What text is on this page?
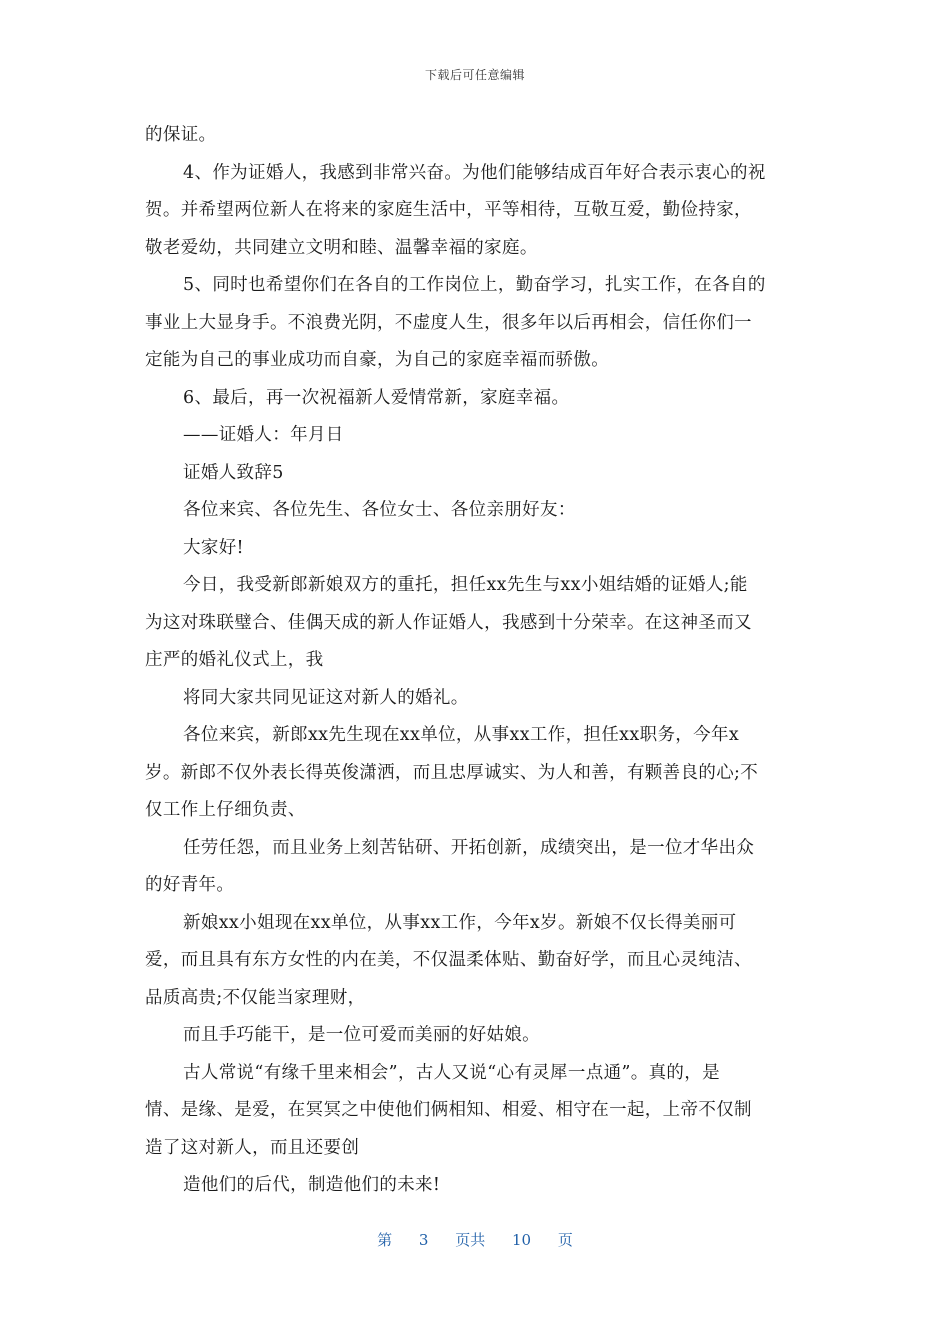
下载后可任意编辑
的保证。
4、作为证婚人，我感到非常兴奋。为他们能够结成百年好合表示衷心的祝
贺。并希望两位新人在将来的家庭生活中，平等相待，互敬互爱，勤俭持家，
敬老爱幼，共同建立文明和睦、温馨幸福的家庭。
5、同时也希望你们在各自的工作岗位上，勤奋学习，扎实工作，在各自的
事业上大显身手。不浪费光阴，不虚度人生，很多年以后再相会，信任你们一
定能为自己的事业成功而自豪，为自己的家庭幸福而骄傲。
6、最后，再一次祝福新人爱情常新，家庭幸福。
——证婚人：年月日
证婚人致辞5
各位来宾、各位先生、各位女士、各位亲朋好友：
大家好!
今日，我受新郎新娘双方的重托，担任xx先生与xx小姐结婚的证婚人;能
为这对珠联璧合、佳偶天成的新人作证婚人，我感到十分荣幸。在这神圣而又
庄严的婚礼仪式上，我
将同大家共同见证这对新人的婚礼。
各位来宾，新郎xx先生现在xx单位，从事xx工作，担任xx职务，今年x
岁。新郎不仅外表长得英俊潇洒，而且忠厚诚实、为人和善，有颗善良的心;不
仅工作上仔细负责、
任劳任怨，而且业务上刻苦钻研、开拓创新，成绩突出，是一位才华出众
的好青年。
新娘xx小姐现在xx单位，从事xx工作，今年x岁。新娘不仅长得美丽可
爱，而且具有东方女性的内在美，不仅温柔体贴、勤奋好学，而且心灵纯洁、
品质高贵;不仅能当家理财，
而且手巧能干，是一位可爱而美丽的好姑娘。
古人常说“有缘千里来相会”，古人又说“心有灵犀一点通”。真的，是
情、是缘、是爱，在冥冥之中使他们俩相知、相爱、相守在一起，上帝不仅制
造了这对新人，而且还要创
造他们的后代，制造他们的未来!
第 3 页共 10 页
